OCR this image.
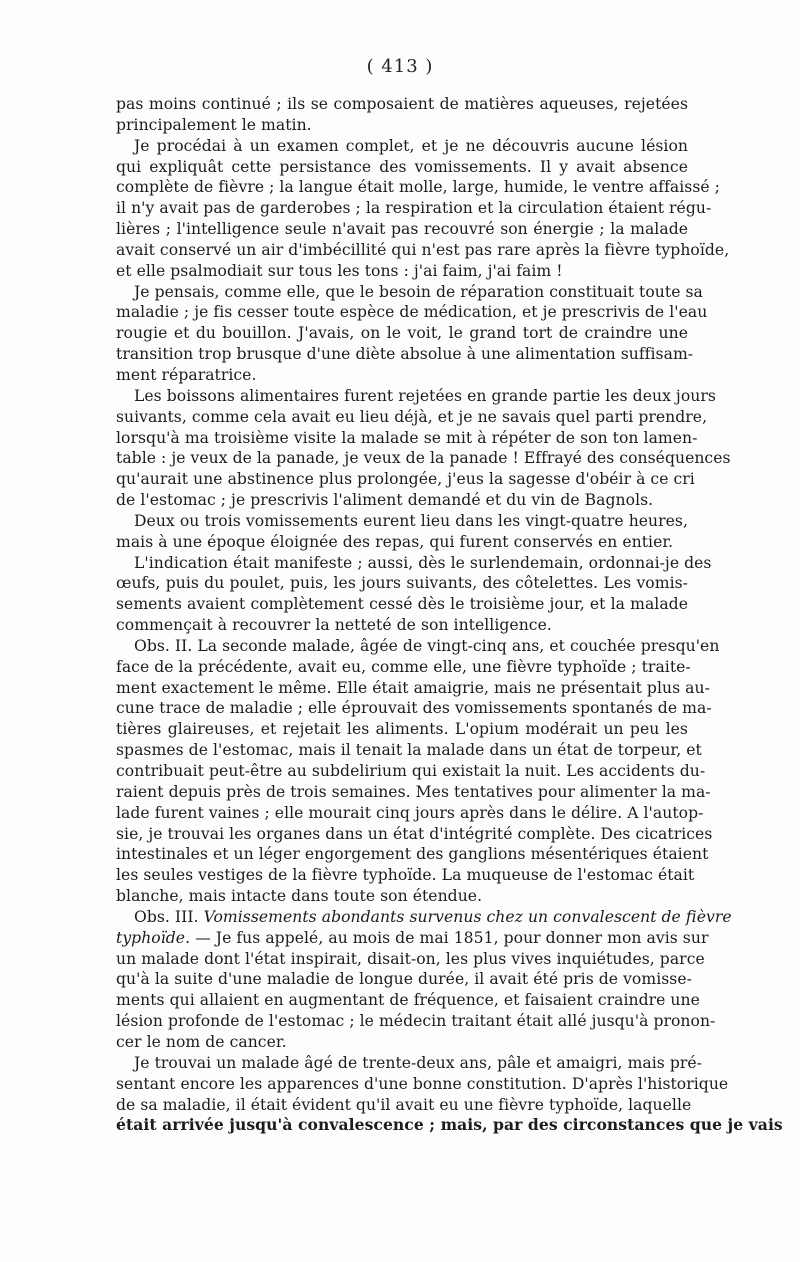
( 413 )
pas moins continué ; ils se composaient de matières aqueuses, rejetées
principalement le matin.
Je procédai à un examen complet, et je ne découvris aucune lésion
qui expliquât cette persistance des vomissements. Il y avait absence
complète de fièvre ; la langue était molle, large, humide, le ventre affaissé ;
il n'y avait pas de garderobes ; la respiration et la circulation étaient régu-
lières ; l'intelligence seule n'avait pas recouvré son énergie ; la malade
avait conservé un air d'imbécillité qui n'est pas rare après la fièvre typhoïde,
et elle psalmodiait sur tous les tons : j'ai faim, j'ai faim !
Je pensais, comme elle, que le besoin de réparation constituait toute sa
maladie ; je fis cesser toute espèce de médication, et je prescrivis de l'eau
rougie et du bouillon. J'avais, on le voit, le grand tort de craindre une
transition trop brusque d'une diète absolue à une alimentation suffisam-
ment réparatrice.
Les boissons alimentaires furent rejetées en grande partie les deux jours
suivants, comme cela avait eu lieu déjà, et je ne savais quel parti prendre,
lorsqu'à ma troisième visite la malade se mit à répéter de son ton lamen-
table : je veux de la panade, je veux de la panade ! Effrayé des conséquences
qu'aurait une abstinence plus prolongée, j'eus la sagesse d'obéir à ce cri
de l'estomac ; je prescrivis l'aliment demandé et du vin de Bagnols.
Deux ou trois vomissements eurent lieu dans les vingt-quatre heures,
mais à une époque éloignée des repas, qui furent conservés en entier.
L'indication était manifeste ; aussi, dès le surlendemain, ordonnai-je des
œufs, puis du poulet, puis, les jours suivants, des côtelettes. Les vomis-
sements avaient complètement cessé dès le troisième jour, et la malade
commençait à recouvrer la netteté de son intelligence.
Obs. II. La seconde malade, âgée de vingt-cinq ans, et couchée presqu'en
face de la précédente, avait eu, comme elle, une fièvre typhoïde ; traite-
ment exactement le même. Elle était amaigrie, mais ne présentait plus au-
cune trace de maladie ; elle éprouvait des vomissements spontanés de ma-
tières glaireuses, et rejetait les aliments. L'opium modérait un peu les
spasmes de l'estomac, mais il tenait la malade dans un état de torpeur, et
contribuait peut-être au subdelirium qui existait la nuit. Les accidents du-
raient depuis près de trois semaines. Mes tentatives pour alimenter la ma-
lade furent vaines ; elle mourait cinq jours après dans le délire. A l'autop-
sie, je trouvai les organes dans un état d'intégrité complète. Des cicatrices
intestinales et un léger engorgement des ganglions mésentériques étaient
les seules vestiges de la fièvre typhoïde. La muqueuse de l'estomac était
blanche, mais intacte dans toute son étendue.
Obs. III. Vomissements abondants survenus chez un convalescent de fièvre
typhoïde. — Je fus appelé, au mois de mai 1851, pour donner mon avis sur
un malade dont l'état inspirait, disait-on, les plus vives inquiétudes, parce
qu'à la suite d'une maladie de longue durée, il avait été pris de vomisse-
ments qui allaient en augmentant de fréquence, et faisaient craindre une
lésion profonde de l'estomac ; le médecin traitant était allé jusqu'à pronon-
cer le nom de cancer.
Je trouvai un malade âgé de trente-deux ans, pâle et amaigri, mais pré-
sentant encore les apparences d'une bonne constitution. D'après l'historique
de sa maladie, il était évident qu'il avait eu une fièvre typhoïde, laquelle
était arrivée jusqu'à convalescence ; mais, par des circonstances que je vais
